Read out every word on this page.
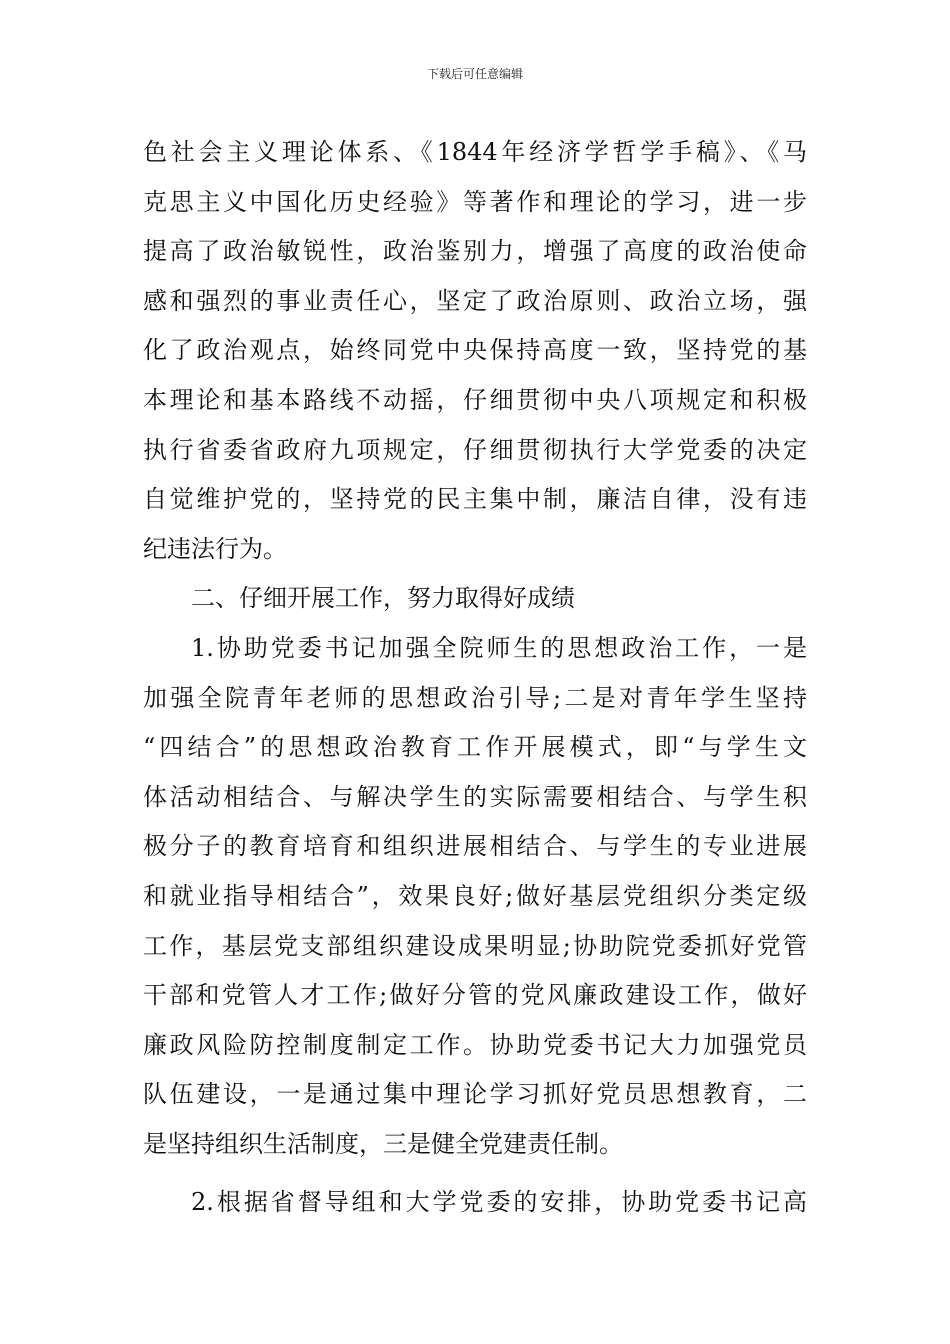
下载后可任意编辑
色社会主义理论体系、《1844年经济学哲学手稿》、《马
克思主义中国化历史经验》等著作和理论的学习，进一步
提高了政治敏锐性，政治鉴别力，增强了高度的政治使命
感和强烈的事业责任心，坚定了政治原则、政治立场，强
化了政治观点，始终同党中央保持高度一致，坚持党的基
本理论和基本路线不动摇，仔细贯彻中央八项规定和积极
执行省委省政府九项规定，仔细贯彻执行大学党委的决定
自觉维护党的，坚持党的民主集中制，廉洁自律，没有违
纪违法行为。
二、仔细开展工作，努力取得好成绩
1.协助党委书记加强全院师生的思想政治工作，一是
加强全院青年老师的思想政治引导;二是对青年学生坚持
“四结合”的思想政治教育工作开展模式，即“与学生文
体活动相结合、与解决学生的实际需要相结合、与学生积
极分子的教育培育和组织进展相结合、与学生的专业进展
和就业指导相结合”，效果良好;做好基层党组织分类定级
工作，基层党支部组织建设成果明显;协助院党委抓好党管
干部和党管人才工作;做好分管的党风廉政建设工作，做好
廉政风险防控制度制定工作。协助党委书记大力加强党员
队伍建设，一是通过集中理论学习抓好党员思想教育，二
是坚持组织生活制度，三是健全党建责任制。
2.根据省督导组和大学党委的安排，协助党委书记高
